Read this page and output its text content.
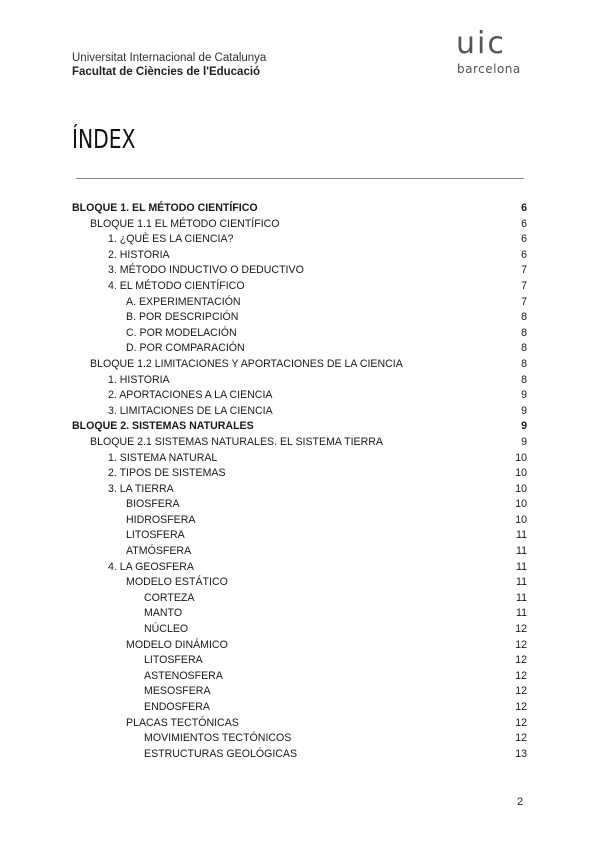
Universitat Internacional de Catalunya
Facultat de Ciències de l'Educació
uic
barcelona
ÍNDEX
BLOQUE 1. EL MÉTODO CIENTÍFICO	6
BLOQUE 1.1 EL MÉTODO CIENTÍFICO	6
1. ¿QUÈ ES LA CIENCIA?	6
2. HISTORIA	6
3. MÉTODO INDUCTIVO O DEDUCTIVO	7
4. EL MÉTODO CIENTÍFICO	7
A. EXPERIMENTACIÓN	7
B. POR DESCRIPCIÓN	8
C. POR MODELACIÓN	8
D. POR COMPARACIÓN	8
BLOQUE 1.2 LIMITACIONES Y APORTACIONES DE LA CIENCIA	8
1. HISTORIA	8
2. APORTACIONES A LA CIENCIA	9
3. LIMITACIONES DE LA CIENCIA	9
BLOQUE 2. SISTEMAS NATURALES	9
BLOQUE 2.1 SISTEMAS NATURALES. EL SISTEMA TIERRA	9
1. SISTEMA NATURAL	10
2. TIPOS DE SISTEMAS	10
3. LA TIERRA	10
BIOSFERA	10
HIDROSFERA	10
LITOSFERA	11
ATMÓSFERA	11
4. LA GEOSFERA	11
MODELO ESTÁTICO	11
CORTEZA	11
MANTO	11
NÚCLEO	12
MODELO DINÁMICO	12
LITOSFERA	12
ASTENOSFERA	12
MESOSFERA	12
ENDOSFERA	12
PLACAS TECTÓNICAS	12
MOVIMIENTOS TECTÓNICOS	12
ESTRUCTURAS GEOLÓGICAS	13
2
